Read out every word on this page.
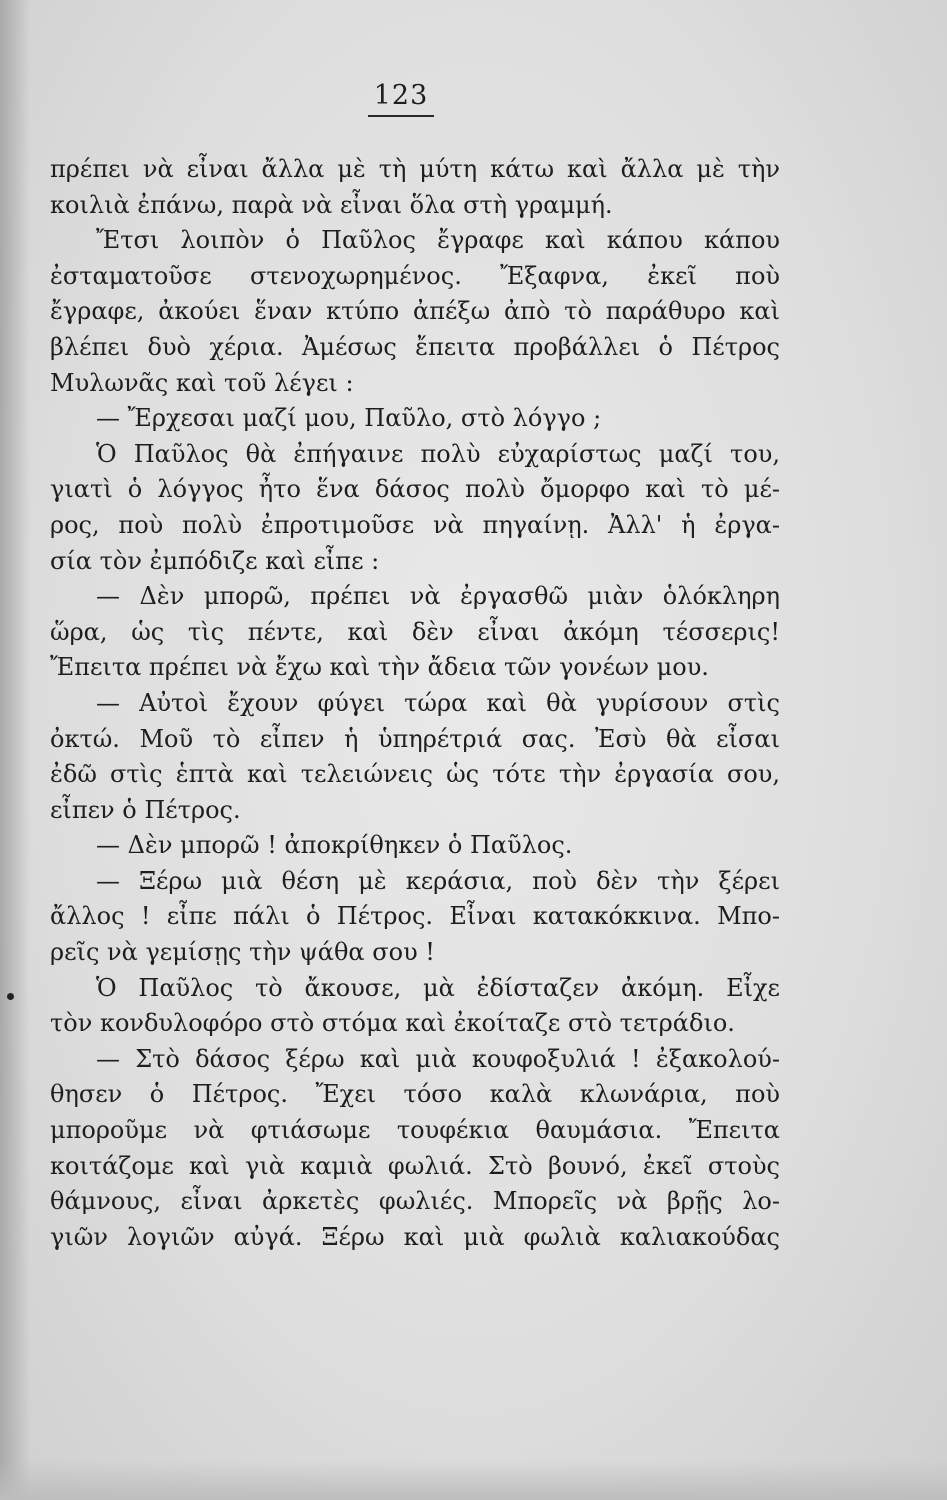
123
πρέπει νὰ εἶναι ἄλλα μὲ τὴ μύτη κάτω καὶ ἄλλα μὲ τὴν
κοιλιὰ ἐπάνω, παρὰ νὰ εἶναι ὅλα στὴ γραμμή.
Ἔτσι λοιπὸν ὁ Παῦλος ἔγραφε καὶ κάπου κάπου
ἐσταματοῦσε στενοχωρημένος. Ἔξαφνα, ἐκεῖ ποὺ
ἔγραφε, ἀκούει ἕναν κτύπο ἀπέξω ἀπὸ τὸ παράθυρο καὶ
βλέπει δυὸ χέρια. Ἀμέσως ἔπειτα προβάλλει ὁ Πέτρος
Μυλωνᾶς καὶ τοῦ λέγει :
— Ἔρχεσαι μαζί μου, Παῦλο, στὸ λόγγο ;
Ὁ Παῦλος θὰ ἐπήγαινε πολὺ εὐχαρίστως μαζί του,
γιατὶ ὁ λόγγος ἦτο ἕνα δάσος πολὺ ὄμορφο καὶ τὸ μέ-
ρος, ποὺ πολὺ ἐπροτιμοῦσε νὰ πηγαίνῃ. Ἀλλ' ἡ ἐργα-
σία τὸν ἐμπόδιζε καὶ εἶπε :
— Δὲν μπορῶ, πρέπει νὰ ἐργασθῶ μιὰν ὁλόκληρη
ὥρα, ὡς τὶς πέντε, καὶ δὲν εἶναι ἀκόμη τέσσερις!
Ἔπειτα πρέπει νὰ ἔχω καὶ τὴν ἄδεια τῶν γονέων μου.
— Αὐτοὶ ἔχουν φύγει τώρα καὶ θὰ γυρίσουν στὶς
ὀκτώ. Μοῦ τὸ εἶπεν ἡ ὑπηρέτριά σας. Ἐσὺ θὰ εἶσαι
ἐδῶ στὶς ἑπτὰ καὶ τελειώνεις ὡς τότε τὴν ἐργασία σου,
εἶπεν ὁ Πέτρος.
— Δὲν μπορῶ ! ἀποκρίθηκεν ὁ Παῦλος.
— Ξέρω μιὰ θέση μὲ κεράσια, ποὺ δὲν τὴν ξέρει
ἄλλος ! εἶπε πάλι ὁ Πέτρος. Εἶναι κατακόκκινα. Μπο-
ρεῖς νὰ γεμίσῃς τὴν ψάθα σου !
Ὁ Παῦλος τὸ ἄκουσε, μὰ ἐδίσταζεν ἀκόμη. Εἶχε
τὸν κονδυλοφόρο στὸ στόμα καὶ ἐκοίταζε στὸ τετράδιο.
— Στὸ δάσος ξέρω καὶ μιὰ κουφοξυλιά ! ἐξακολού-
θησεν ὁ Πέτρος. Ἔχει τόσο καλὰ κλωνάρια, ποὺ
μποροῦμε νὰ φτιάσωμε τουφέκια θαυμάσια. Ἔπειτα
κοιτάζομε καὶ γιὰ καμιὰ φωλιά. Στὸ βουνό, ἐκεῖ στοὺς
θάμνους, εἶναι ἀρκετὲς φωλιές. Μπορεῖς νὰ βρῇς λο-
γιῶν λογιῶν αὐγά. Ξέρω καὶ μιὰ φωλιὰ καλιακούδας
